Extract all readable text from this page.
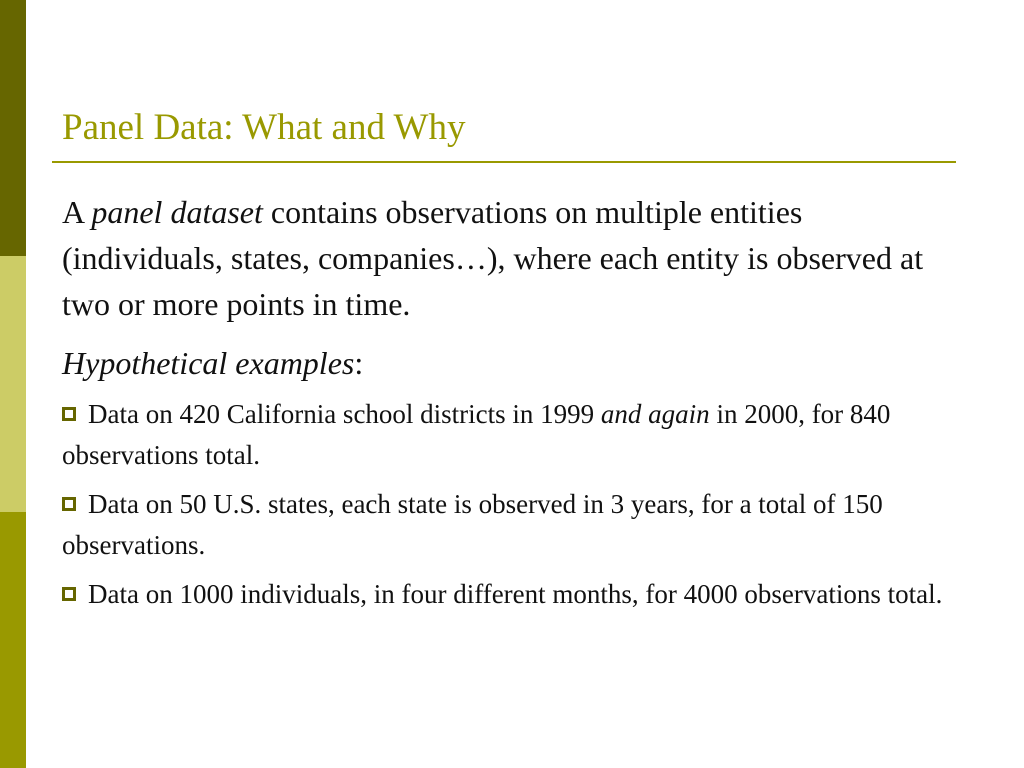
Panel Data: What and Why
A panel dataset contains observations on multiple entities (individuals, states, companies…), where each entity is observed at two or more points in time.
Hypothetical examples:
Data on 420 California school districts in 1999 and again in 2000, for 840 observations total.
Data on 50 U.S. states, each state is observed in 3 years, for a total of 150 observations.
Data on 1000 individuals, in four different months, for 4000 observations total.
